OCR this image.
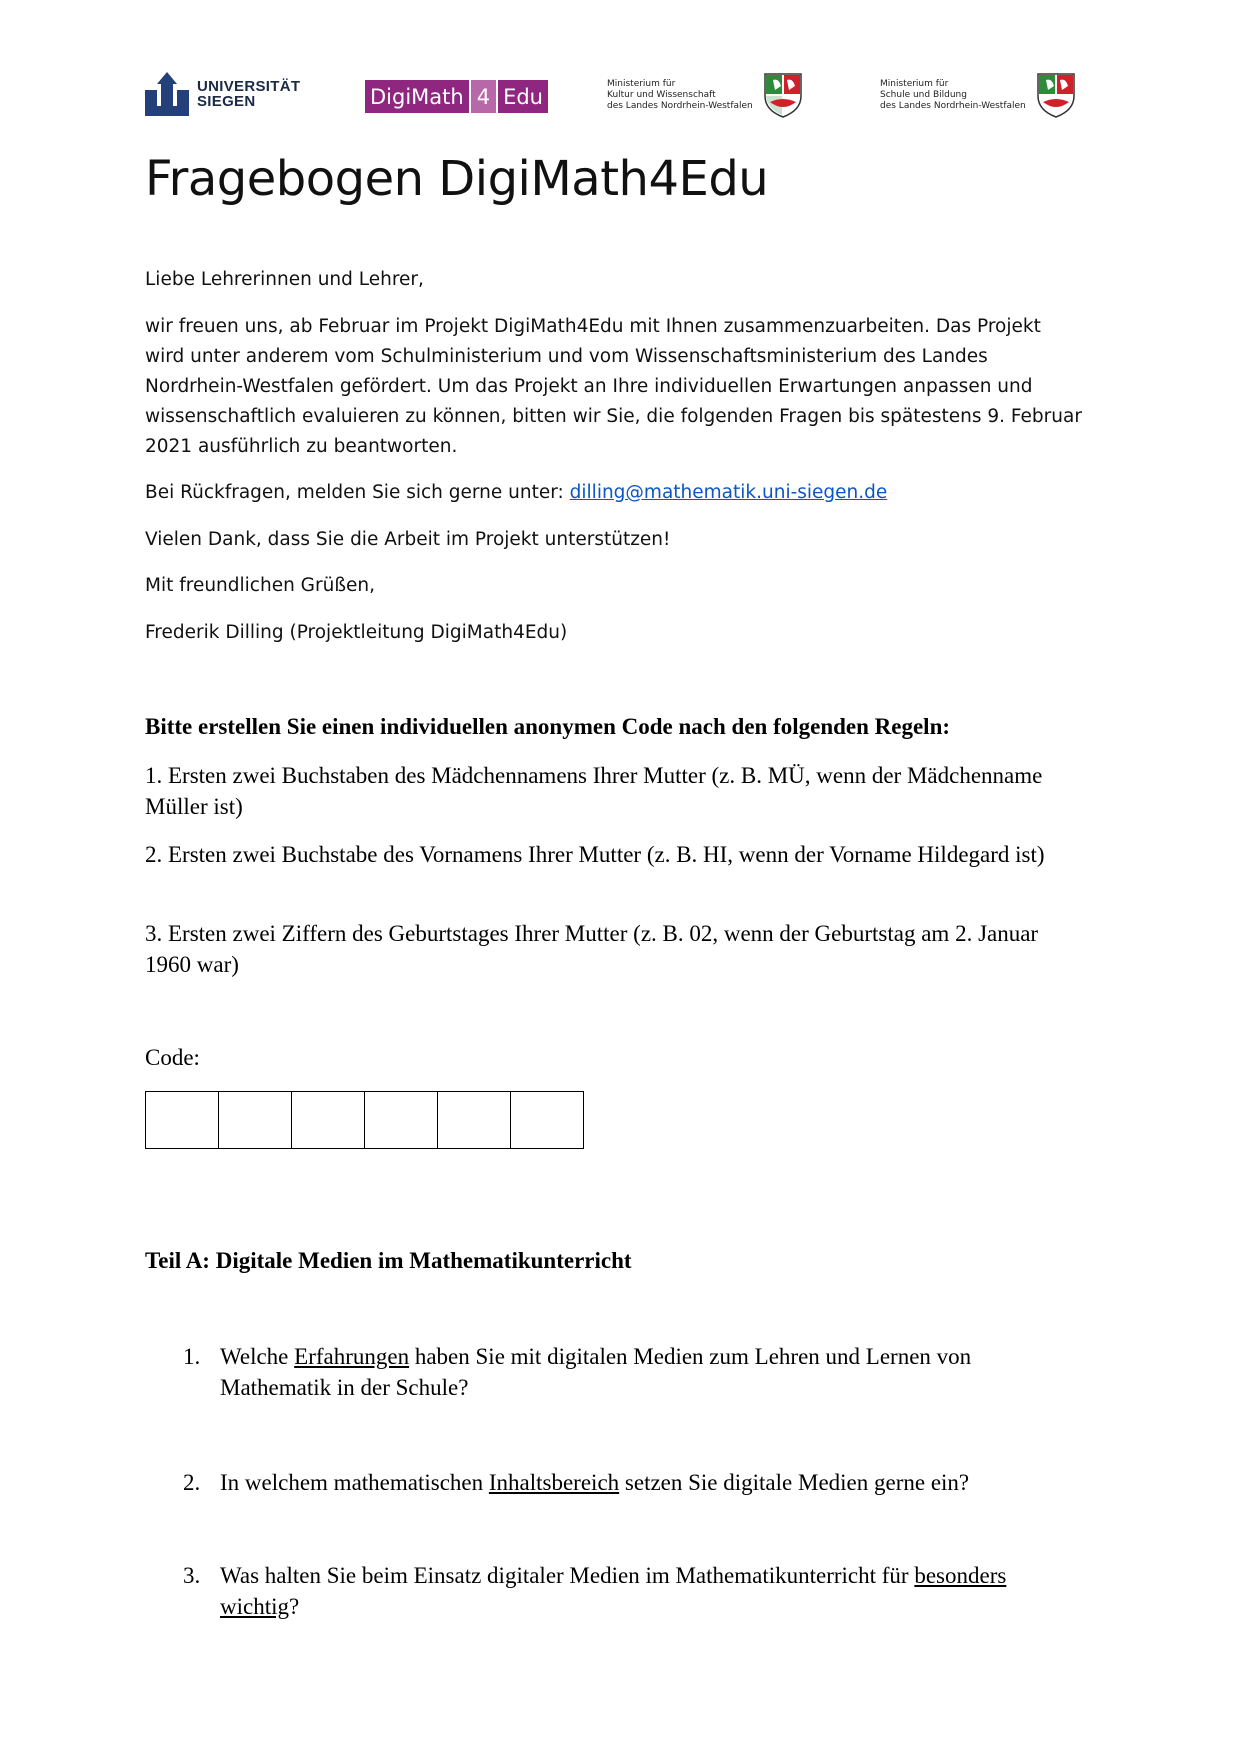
UNIVERSITÄT
SIEGEN	DigiMath 4 Edu
Ministerium für
Kultur und Wissenschaft
des Landes Nordrhein-Westfalen
Ministerium für
Schule und Bildung
des Landes Nordrhein-Westfalen
Fragebogen DigiMath4Edu

Liebe Lehrerinnen und Lehrer,

wir freuen uns, ab Februar im Projekt DigiMath4Edu mit Ihnen zusammenzuarbeiten. Das Projekt wird unter anderem vom Schulministerium und vom Wissenschaftsministerium des Landes Nordrhein-Westfalen gefördert. Um das Projekt an Ihre individuellen Erwartungen anpassen und wissenschaftlich evaluieren zu können, bitten wir Sie, die folgenden Fragen bis spätestens 9. Februar 2021 ausführlich zu beantworten.

Bei Rückfragen, melden Sie sich gerne unter: dilling@mathematik.uni-siegen.de

Vielen Dank, dass Sie die Arbeit im Projekt unterstützen!

Mit freundlichen Grüßen,

Frederik Dilling (Projektleitung DigiMath4Edu)

Bitte erstellen Sie einen individuellen anonymen Code nach den folgenden Regeln:

1. Ersten zwei Buchstaben des Mädchennamens Ihrer Mutter (z. B. MÜ, wenn der Mädchenname Müller ist)

2. Ersten zwei Buchstabe des Vornamens Ihrer Mutter (z. B. HI, wenn der Vorname Hildegard ist)

3. Ersten zwei Ziffern des Geburtstages Ihrer Mutter (z. B. 02, wenn der Geburtstag am 2. Januar 1960 war)

Code:

Teil A: Digitale Medien im Mathematikunterricht

1. Welche Erfahrungen haben Sie mit digitalen Medien zum Lehren und Lernen von Mathematik in der Schule?
2. In welchem mathematischen Inhaltsbereich setzen Sie digitale Medien gerne ein?
3. Was halten Sie beim Einsatz digitaler Medien im Mathematikunterricht für besonders wichtig?
